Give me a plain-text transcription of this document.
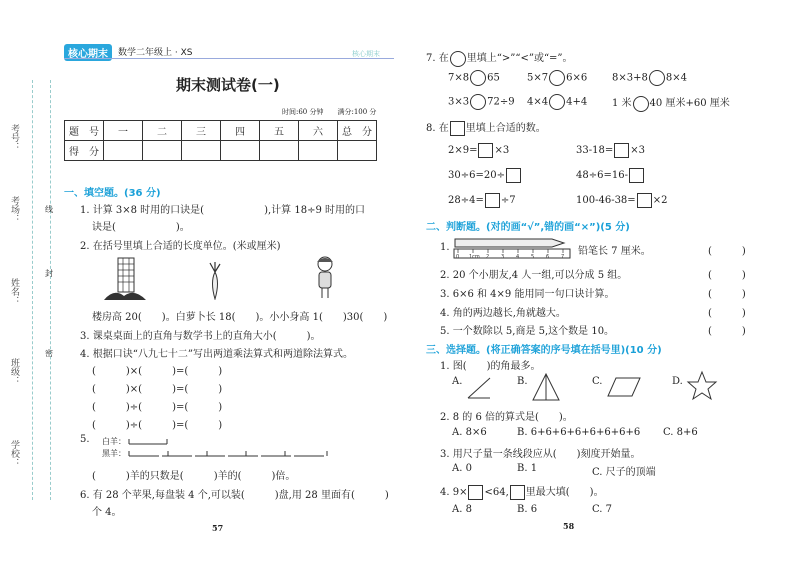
核心期末	数学二年级上 · XS	核心期末
考号：
考场：
姓名：
班级：
学校：
线
封
密
期末测试卷(一)
时间:60 分钟　　满分:100 分
题　号	一	二	三	四	五	六	总　分
得　分							
一、填空题。(36 分)
1. 计算 3×8 时用的口诀是(　　　　　　),计算 18÷9 时用的口
诀是(　　　　　　)。
2. 在括号里填上合适的长度单位。(米或厘米)
楼房高 20(　　)。白萝卜长 18(　　)。小小身高 1(　　)30(　　)
3. 课桌桌面上的直角与数学书上的直角大小(　　　)。
4. 根据口诀“八九七十二”写出两道乘法算式和两道除法算式。
(　　　)×(　　　)=(　　　)
(　　　)×(　　　)=(　　　)
(　　　)÷(　　　)=(　　　)
(　　　)÷(　　　)=(　　　)
5. 白羊：
黑羊：
(　　　)羊的只数是(　　　)羊的(　　　)倍。
6. 有 28 个苹果,每盘装 4 个,可以装(　　　)盘,用 28 里面有(　　　)
个 4。
57
7. 在 里填上“>”“<”或“=”。
7×8 65	5×7 6×6 8×3+8 8×4
3×3 72÷9 4×4 4+4 1 米 40 厘米+60 厘米
8. 在 里填上合适的数。
2×9= ×3	33-18= ×3
30÷6=20÷	48÷6=16-
28÷4= ÷7	100-46-38= ×2
二、判断题。(对的画“√”,错的画“×”)(5 分)
1.
0 1cm 2 3 4 5 6 7 铅笔长 7 厘米。	(　　　)
2. 20 个小朋友,4 人一组,可以分成 5 组。	(　　　)
3. 6×6 和 4×9 能用同一句口诀计算。	(　　　)
4. 角的两边越长,角就越大。	(　　　)
5. 一个数除以 5,商是 5,这个数是 10。	(　　　)
三、选择题。(将正确答案的序号填在括号里)(10 分)
1. 图(　　)的角最多。
A.	B.	C.	D.
2. 8 的 6 倍的算式是(　　)。
A. 8×6	B. 6+6+6+6+6+6+6+6 C. 8+6
3. 用尺子量一条线段应从(　　)刻度开始量。
A. 0	B. 1	C. 尺子的顶端
4. 9× <64, 里最大填(　　)。
A. 8	B. 6	C. 7
58
